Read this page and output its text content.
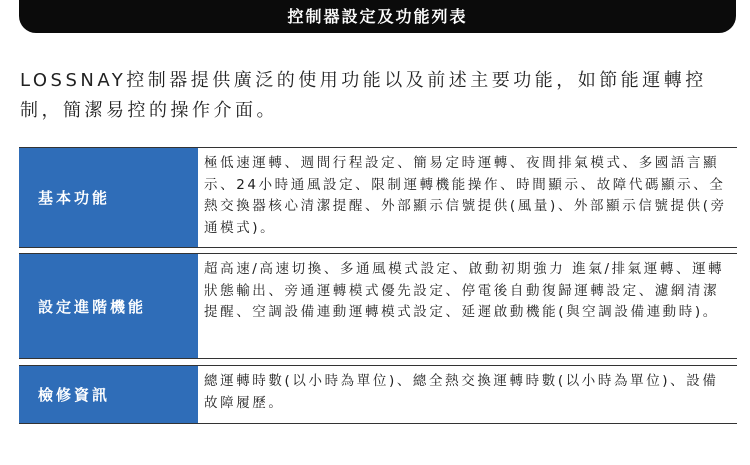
控制器設定及功能列表
LOSSNAY控制器提供廣泛的使用功能以及前述主要功能，如節能運轉控制，簡潔易控的操作介面。
基本功能
極低速運轉、週間行程設定、簡易定時運轉、夜間排氣模式、多國語言顯示、24小時通風設定、限制運轉機能操作、時間顯示、故障代碼顯示、全熱交換器核心清潔提醒、外部顯示信號提供(風量)、外部顯示信號提供(旁通模式)。
設定進階機能
超高速/高速切換、多通風模式設定、啟動初期強力 進氣/排氣運轉、運轉狀態輸出、旁通運轉模式優先設定、停電後自動復歸運轉設定、濾網清潔提醒、空調設備連動運轉模式設定、延遲啟動機能(與空調設備連動時)。
檢修資訊
總運轉時數(以小時為單位)、總全熱交換運轉時數(以小時為單位)、設備故障履歷。
